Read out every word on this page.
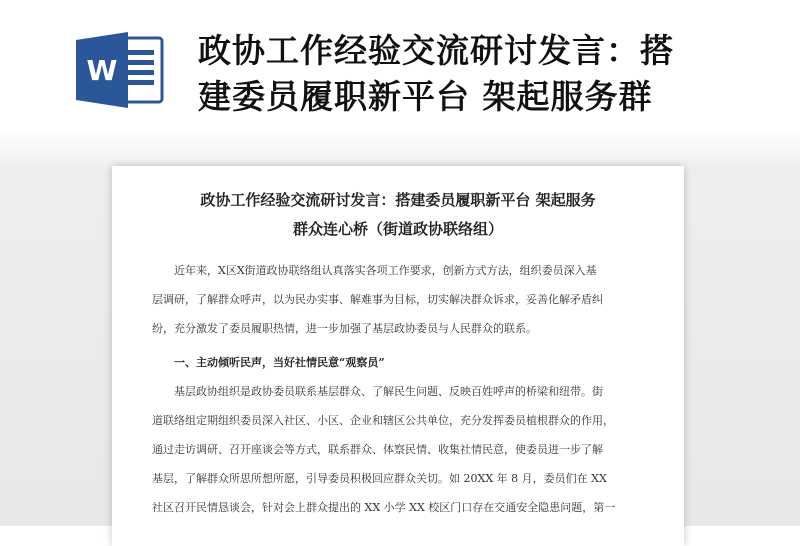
W
政协工作经验交流研讨发言：搭
建委员履职新平台 架起服务群
政协工作经验交流研讨发言：搭建委员履职新平台 架起服务
群众连心桥（街道政协联络组）
近年来，X区X街道政协联络组认真落实各项工作要求，创新方式方法，组织委员深入基
层调研，了解群众呼声，以为民办实事、解难事为目标，切实解决群众诉求，妥善化解矛盾纠
纷，充分激发了委员履职热情，进一步加强了基层政协委员与人民群众的联系。
一、主动倾听民声，当好社情民意“观察员”
基层政协组织是政协委员联系基层群众、了解民生问题、反映百姓呼声的桥梁和纽带。街
道联络组定期组织委员深入社区、小区、企业和辖区公共单位，充分发挥委员植根群众的作用，
通过走访调研、召开座谈会等方式，联系群众、体察民情、收集社情民意，使委员进一步了解
基层，了解群众所思所想所愿，引导委员积极回应群众关切。如 20XX 年 8 月，委员们在 XX
社区召开民情恳谈会，针对会上群众提出的 XX 小学 XX 校区门口存在交通安全隐患问题，第一
